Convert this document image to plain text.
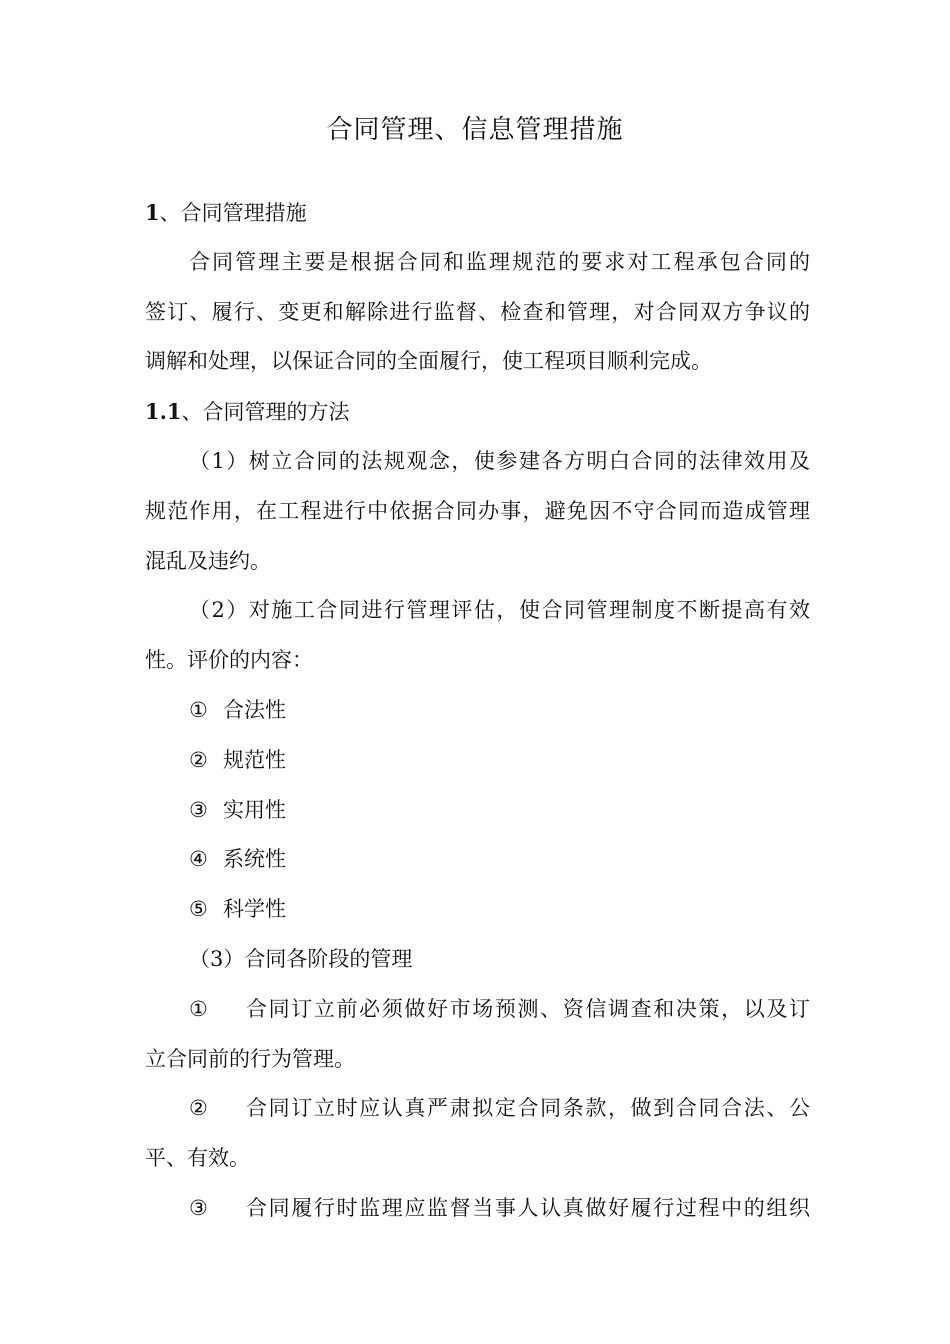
合同管理、信息管理措施
1、合同管理措施
合同管理主要是根据合同和监理规范的要求对工程承包合同的
签订、履行、变更和解除进行监督、检查和管理，对合同双方争议的
调解和处理，以保证合同的全面履行，使工程项目顺利完成。
1.1、合同管理的方法
（1）树立合同的法规观念，使参建各方明白合同的法律效用及
规范作用，在工程进行中依据合同办事，避免因不守合同而造成管理
混乱及违约。
（2）对施工合同进行管理评估，使合同管理制度不断提高有效
性。评价的内容：
① 合法性
② 规范性
③ 实用性
④ 系统性
⑤ 科学性
（3）合同各阶段的管理
①	合同订立前必须做好市场预测、资信调查和决策，以及订
立合同前的行为管理。
②	合同订立时应认真严肃拟定合同条款，做到合同合法、公
平、有效。
③	合同履行时监理应监督当事人认真做好履行过程中的组织
